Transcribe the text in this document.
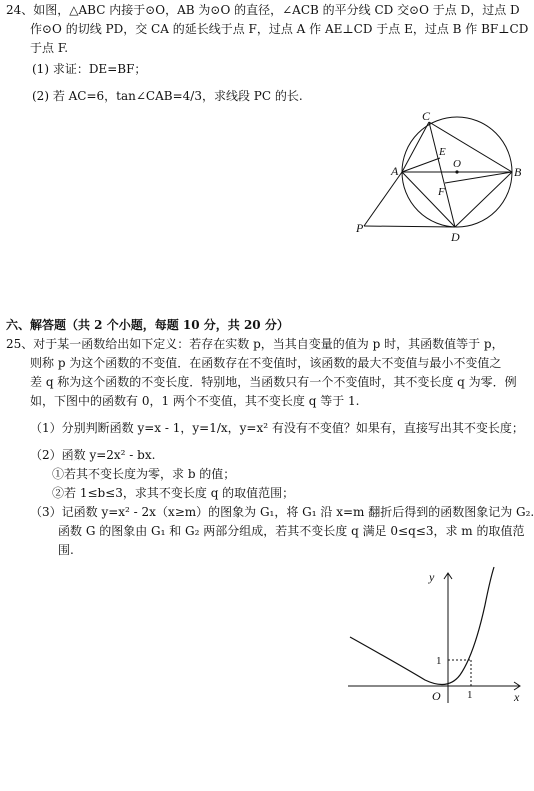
24、如图，△ABC 内接于⊙O，AB 为⊙O 的直径，∠ACB 的平分线 CD 交⊙O 于点 D，过点 D
作⊙O 的切线 PD，交 CA 的延长线于点 F，过点 A 作 AE⊥CD 于点 E，过点 B 作 BF⊥CD
于点 F.
(1) 求证：DE=BF；
(2) 若 AC=6，tan∠CAB=4/3，求线段 PC 的长.
C
E
O
A	B
F
P
D
六、解答题（共 2 个小题，每题 10 分，共 20 分）
25、对于某一函数给出如下定义：若存在实数 p，当其自变量的值为 p 时，其函数值等于 p，
则称 p 为这个函数的不变值．在函数存在不变值时，该函数的最大不变值与最小不变值之
差 q 称为这个函数的不变长度．特别地，当函数只有一个不变值时，其不变长度 q 为零．例
如，下图中的函数有 0，1 两个不变值，其不变长度 q 等于 1.
（1）分别判断函数 y=x - 1，y=1/x，y=x² 有没有不变值？如果有，直接写出其不变长度；
（2）函数 y=2x² - bx.
①若其不变长度为零，求 b 的值；
②若 1≤b≤3，求其不变长度 q 的取值范围；
（3）记函数 y=x² - 2x（x≥m）的图象为 G₁，将 G₁ 沿 x=m 翻折后得到的函数图象记为 G₂.
函数 G 的图象由 G₁ 和 G₂ 两部分组成，若其不变长度 q 满足 0≤q≤3，求 m 的取值范
围.
y
x
1
1
O
